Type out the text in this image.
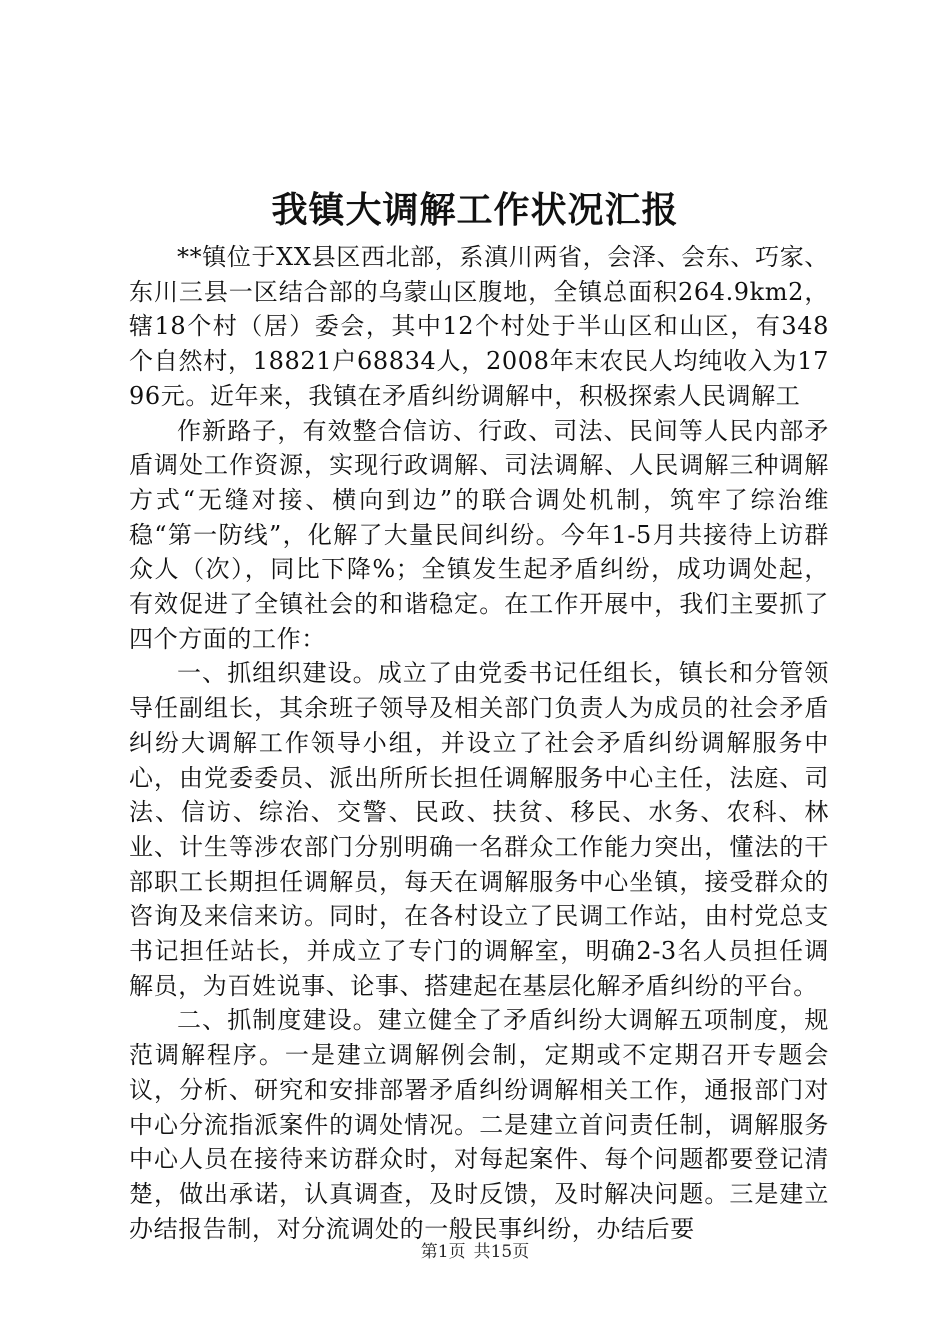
我镇大调解工作状况汇报

**镇位于XX县区西北部，系滇川两省，会泽、会东、巧家、东川三县一区结合部的乌蒙山区腹地，全镇总面积264.9km2，辖18个村（居）委会，其中12个村处于半山区和山区，有348个自然村，18821户68834人，2008年末农民人均纯收入为1796元。近年来，我镇在矛盾纠纷调解中，积极探索人民调解工

作新路子，有效整合信访、行政、司法、民间等人民内部矛盾调处工作资源，实现行政调解、司法调解、人民调解三种调解方式“无缝对接、横向到边”的联合调处机制，筑牢了综治维稳“第一防线”，化解了大量民间纠纷。今年1-5月共接待上访群众人（次），同比下降%；全镇发生起矛盾纠纷，成功调处起，有效促进了全镇社会的和谐稳定。在工作开展中，我们主要抓了四个方面的工作：

一、抓组织建设。成立了由党委书记任组长，镇长和分管领导任副组长，其余班子领导及相关部门负责人为成员的社会矛盾纠纷大调解工作领导小组，并设立了社会矛盾纠纷调解服务中心，由党委委员、派出所所长担任调解服务中心主任，法庭、司法、信访、综治、交警、民政、扶贫、移民、水务、农科、林业、计生等涉农部门分别明确一名群众工作能力突出，懂法的干部职工长期担任调解员，每天在调解服务中心坐镇，接受群众的咨询及来信来访。同时，在各村设立了民调工作站，由村党总支书记担任站长，并成立了专门的调解室，明确2-3名人员担任调解员，为百姓说事、论事、搭建起在基层化解矛盾纠纷的平台。

二、抓制度建设。建立健全了矛盾纠纷大调解五项制度，规范调解程序。一是建立调解例会制，定期或不定期召开专题会议，分析、研究和安排部署矛盾纠纷调解相关工作，通报部门对中心分流指派案件的调处情况。二是建立首问责任制，调解服务中心人员在接待来访群众时，对每起案件、每个问题都要登记清楚，做出承诺，认真调查，及时反馈，及时解决问题。三是建立办结报告制，对分流调处的一般民事纠纷，办结后要

第1页 共15页
